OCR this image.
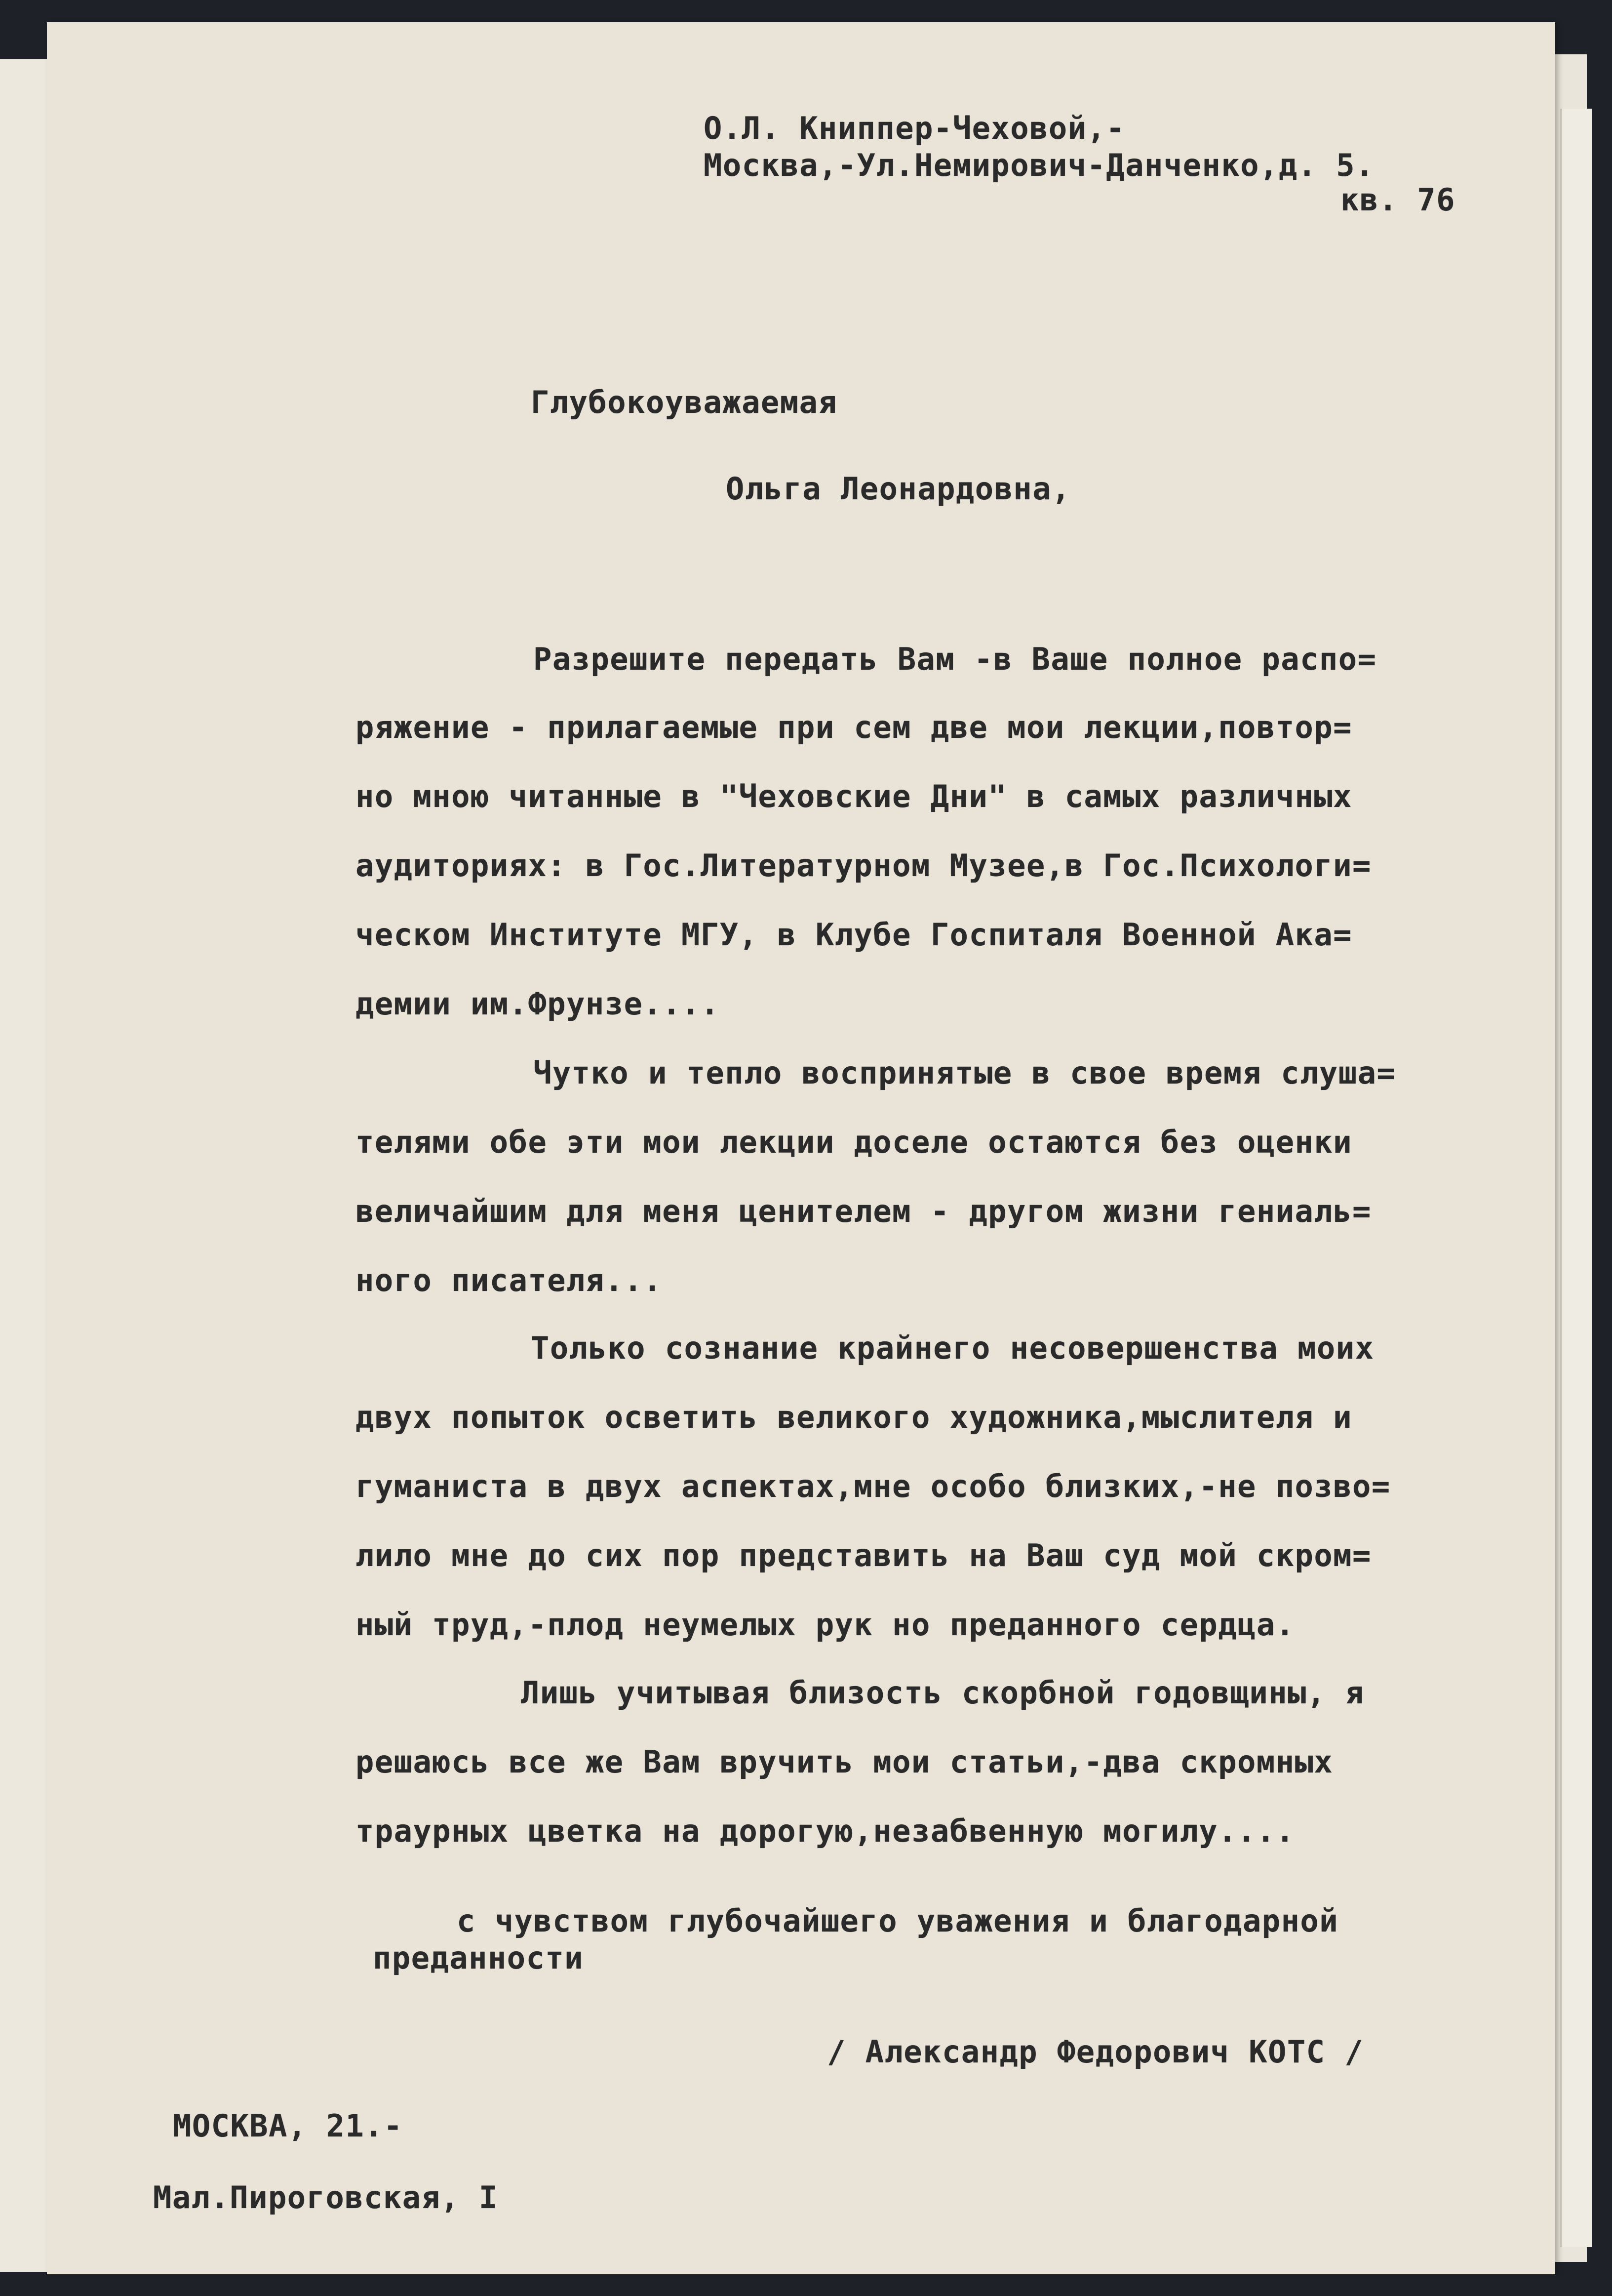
О.Л. Книппер-Чеховой,-
Москва,-Ул.Немирович-Данченко,д. 5.
кв. 76
Глубокоуважаемая
Ольга Леонардовна,
Разрешите передать Вам -в Ваше полное распо=
ряжение - прилагаемые при сем две мои лекции,повтор=
но мною читанные в "Чеховские Дни" в самых различных
аудиториях: в Гос.Литературном Музее,в Гос.Психологи=
ческом Институте МГУ, в Клубе Госпиталя Военной Ака=
демии им.Фрунзе....
Чутко и тепло воспринятые в свое время слуша=
телями обе эти мои лекции доселе остаются без оценки
величайшим для меня ценителем - другом жизни гениаль=
ного писателя...
Только сознание крайнего несовершенства моих
двух попыток осветить великого художника,мыслителя и
гуманиста в двух аспектах,мне особо близких,-не позво=
лило мне до сих пор представить на Ваш суд мой скром=
ный труд,-плод неумелых рук но преданного сердца.
Лишь учитывая близость скорбной годовщины, я
решаюсь все же Вам вручить мои статьи,-два скромных
траурных цветка на дорогую,незабвенную могилу....
с чувством глубочайшего уважения и благодарной
преданности
/ Александр Федорович КОТС /
МОСКВА, 21.-
Мал.Пироговская, I
